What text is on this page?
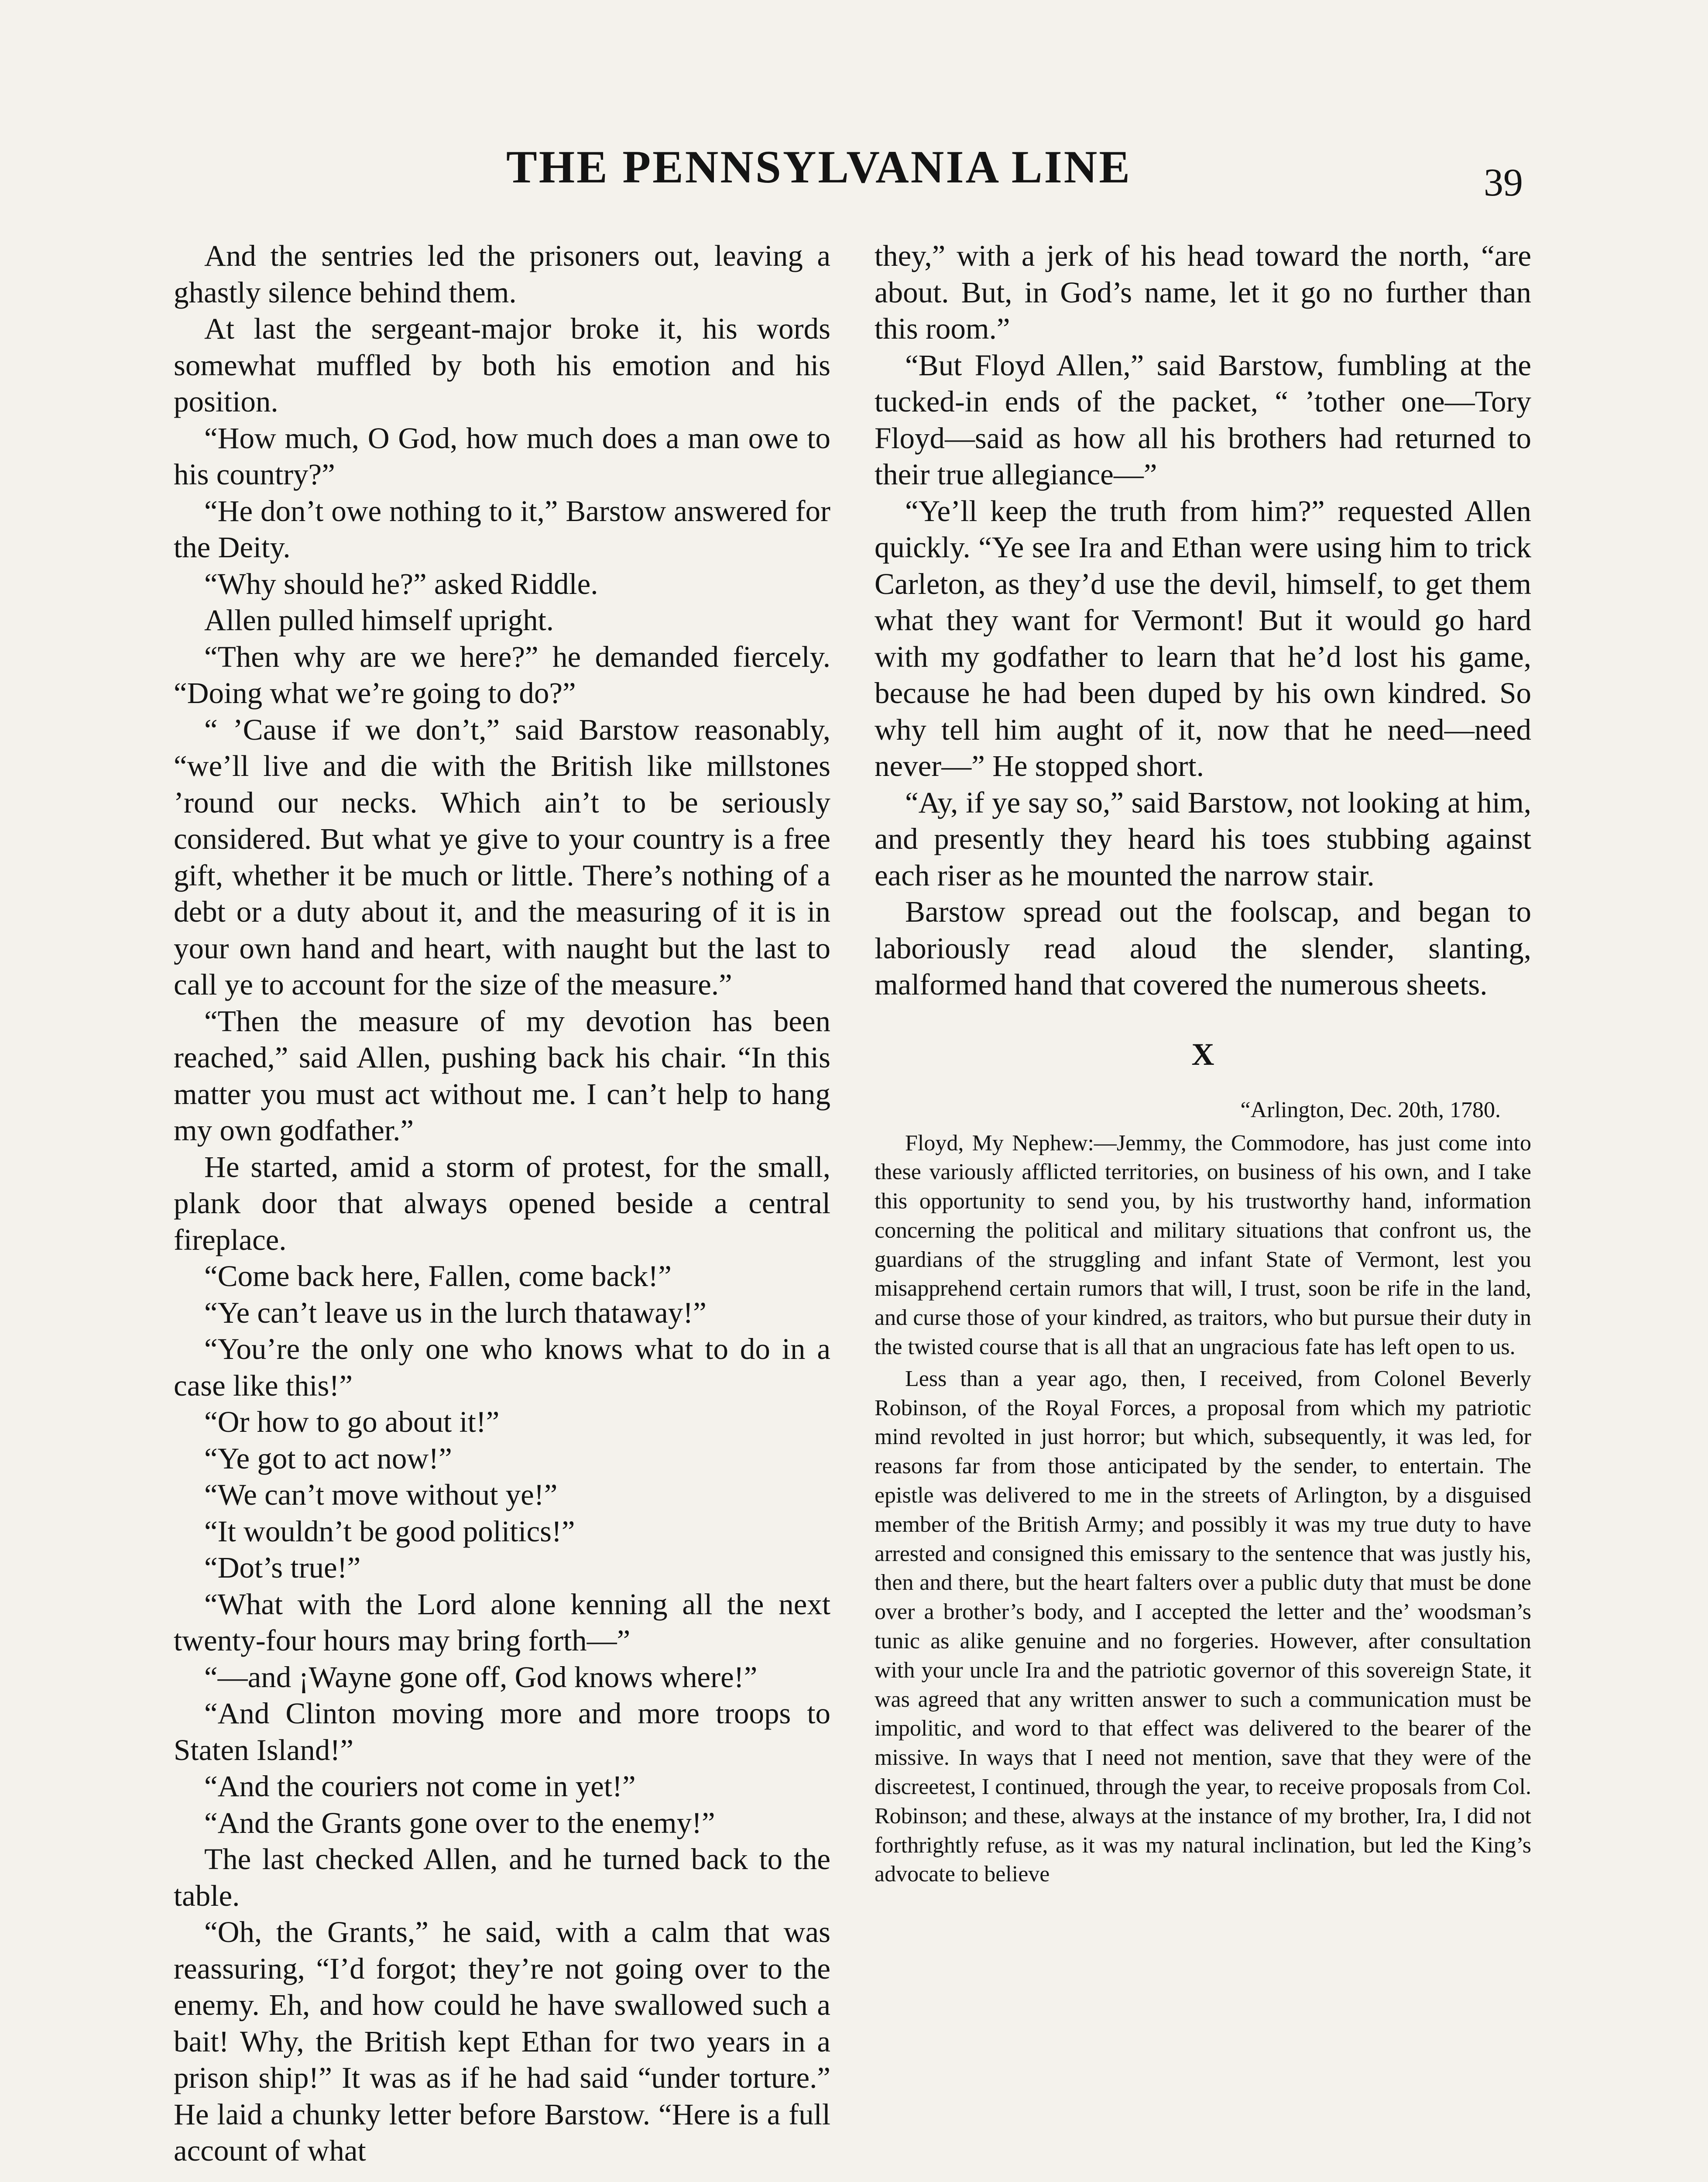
THE PENNSYLVANIA LINE	39

And the sentries led the prisoners out, leaving a ghastly silence behind them.

At last the sergeant-major broke it, his words somewhat muffled by both his emotion and his position.

“How much, O God, how much does a man owe to his country?”

“He don’t owe nothing to it,” Barstow answered for the Deity.

“Why should he?” asked Riddle.

Allen pulled himself upright.

“Then why are we here?” he demanded fiercely. “Doing what we’re going to do?”

“ ’Cause if we don’t,” said Barstow reasonably, “we’ll live and die with the British like millstones ’round our necks. Which ain’t to be seriously considered. But what ye give to your country is a free gift, whether it be much or little. There’s nothing of a debt or a duty about it, and the measuring of it is in your own hand and heart, with naught but the last to call ye to account for the size of the measure.”

“Then the measure of my devotion has been reached,” said Allen, pushing back his chair. “In this matter you must act without me. I can’t help to hang my own godfather.”

He started, amid a storm of protest, for the small, plank door that always opened beside a central fireplace.

“Come back here, Fallen, come back!”

“Ye can’t leave us in the lurch thataway!”

“You’re the only one who knows what to do in a case like this!”

“Or how to go about it!”

“Ye got to act now!”

“We can’t move without ye!”

“It wouldn’t be good politics!”

“Dot’s true!”

“What with the Lord alone kenning all the next twenty-four hours may bring forth—”

“—and ¡Wayne gone off, God knows where!”

“And Clinton moving more and more troops to Staten Island!”

“And the couriers not come in yet!”

“And the Grants gone over to the enemy!”

The last checked Allen, and he turned back to the table.

“Oh, the Grants,” he said, with a calm that was reassuring, “I’d forgot; they’re not going over to the enemy. Eh, and how could he have swallowed such a bait! Why, the British kept Ethan for two years in a prison ship!” It was as if he had said “under torture.” He laid a chunky letter before Barstow. “Here is a full account of what

they,” with a jerk of his head toward the north, “are about. But, in God’s name, let it go no further than this room.”

“But Floyd Allen,” said Barstow, fumbling at the tucked-in ends of the packet, “ ’tother one—Tory Floyd—said as how all his brothers had returned to their true allegiance—”

“Ye’ll keep the truth from him?” requested Allen quickly. “Ye see Ira and Ethan were using him to trick Carleton, as they’d use the devil, himself, to get them what they want for Vermont! But it would go hard with my godfather to learn that he’d lost his game, because he had been duped by his own kindred. So why tell him aught of it, now that he need—need never—” He stopped short.

“Ay, if ye say so,” said Barstow, not looking at him, and presently they heard his toes stubbing against each riser as he mounted the narrow stair.

Barstow spread out the foolscap, and began to laboriously read aloud the slender, slanting, malformed hand that covered the numerous sheets.

X
“Arlington, Dec. 20th, 1780.

Floyd, My Nephew:—Jemmy, the Commodore, has just come into these variously afflicted territories, on business of his own, and I take this opportunity to send you, by his trustworthy hand, information concerning the political and military situations that confront us, the guardians of the struggling and infant State of Vermont, lest you misapprehend certain rumors that will, I trust, soon be rife in the land, and curse those of your kindred, as traitors, who but pursue their duty in the twisted course that is all that an ungracious fate has left open to us.

Less than a year ago, then, I received, from Colonel Beverly Robinson, of the Royal Forces, a proposal from which my patriotic mind revolted in just horror; but which, subsequently, it was led, for reasons far from those anticipated by the sender, to entertain. The epistle was delivered to me in the streets of Arlington, by a disguised member of the British Army; and possibly it was my true duty to have arrested and consigned this emissary to the sentence that was justly his, then and there, but the heart falters over a public duty that must be done over a brother’s body, and I accepted the letter and the’ woodsman’s tunic as alike genuine and no forgeries. However, after consultation with your uncle Ira and the patriotic governor of this sovereign State, it was agreed that any written answer to such a communication must be impolitic, and word to that effect was delivered to the bearer of the missive. In ways that I need not mention, save that they were of the discreetest, I continued, through the year, to receive proposals from Col. Robinson; and these, always at the instance of my brother, Ira, I did not forthrightly refuse, as it was my natural inclination, but led the King’s advocate to believe
